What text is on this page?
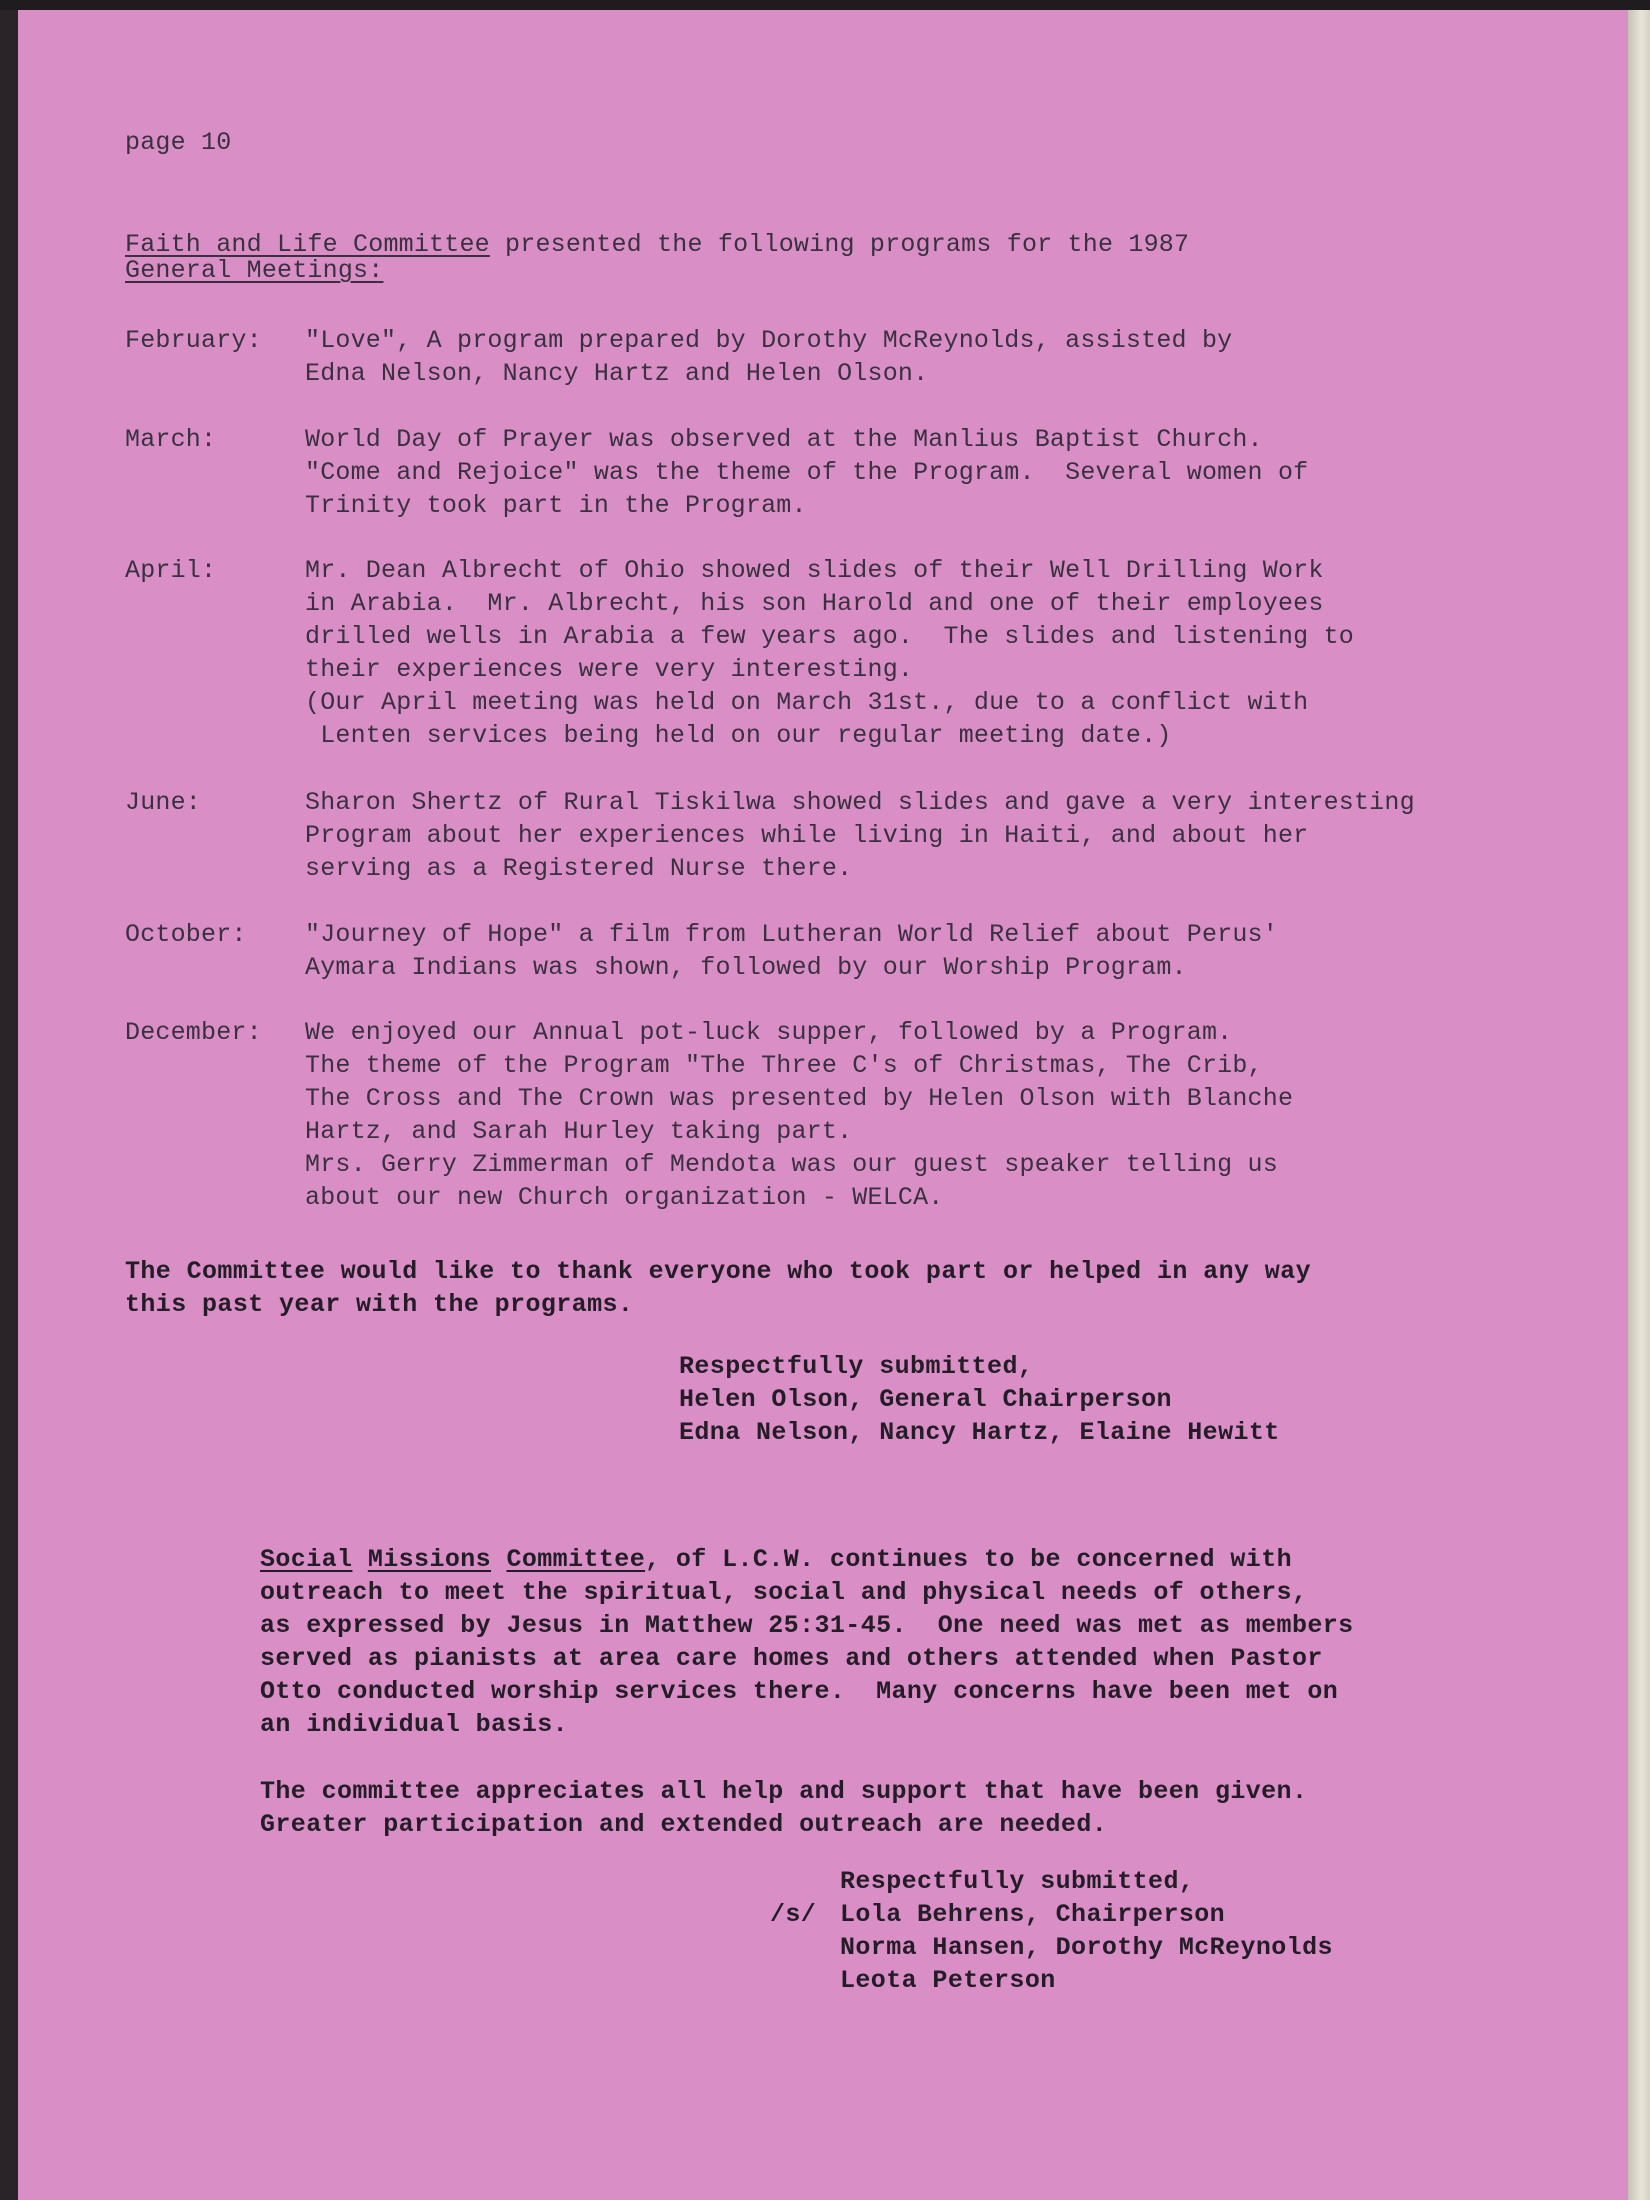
page 10
Faith and Life Committee presented the following programs for the 1987
General Meetings:
February: "Love", A program prepared by Dorothy McReynolds, assisted by
Edna Nelson, Nancy Hartz and Helen Olson.
March:	World Day of Prayer was observed at the Manlius Baptist Church.
"Come and Rejoice" was the theme of the Program.  Several women of
Trinity took part in the Program.
April:	Mr. Dean Albrecht of Ohio showed slides of their Well Drilling Work
in Arabia.  Mr. Albrecht, his son Harold and one of their employees
drilled wells in Arabia a few years ago.  The slides and listening to
their experiences were very interesting.
(Our April meeting was held on March 31st., due to a conflict with
Lenten services being held on our regular meeting date.)
June:	Sharon Shertz of Rural Tiskilwa showed slides and gave a very interesting
Program about her experiences while living in Haiti, and about her
serving as a Registered Nurse there.
October: "Journey of Hope" a film from Lutheran World Relief about Perus'
Aymara Indians was shown, followed by our Worship Program.
December: We enjoyed our Annual pot-luck supper, followed by a Program.
The theme of the Program "The Three C's of Christmas, The Crib,
The Cross and The Crown was presented by Helen Olson with Blanche
Hartz, and Sarah Hurley taking part.
Mrs. Gerry Zimmerman of Mendota was our guest speaker telling us
about our new Church organization - WELCA.
The Committee would like to thank everyone who took part or helped in any way
this past year with the programs.
Respectfully submitted,
Helen Olson, General Chairperson
Edna Nelson, Nancy Hartz, Elaine Hewitt
Social Missions Committee, of L.C.W. continues to be concerned with
outreach to meet the spiritual, social and physical needs of others,
as expressed by Jesus in Matthew 25:31-45.  One need was met as members
served as pianists at area care homes and others attended when Pastor
Otto conducted worship services there.  Many concerns have been met on
an individual basis.
The committee appreciates all help and support that have been given.
Greater participation and extended outreach are needed.
Respectfully submitted,
/s/ Lola Behrens, Chairperson
Norma Hansen, Dorothy McReynolds
Leota Peterson
